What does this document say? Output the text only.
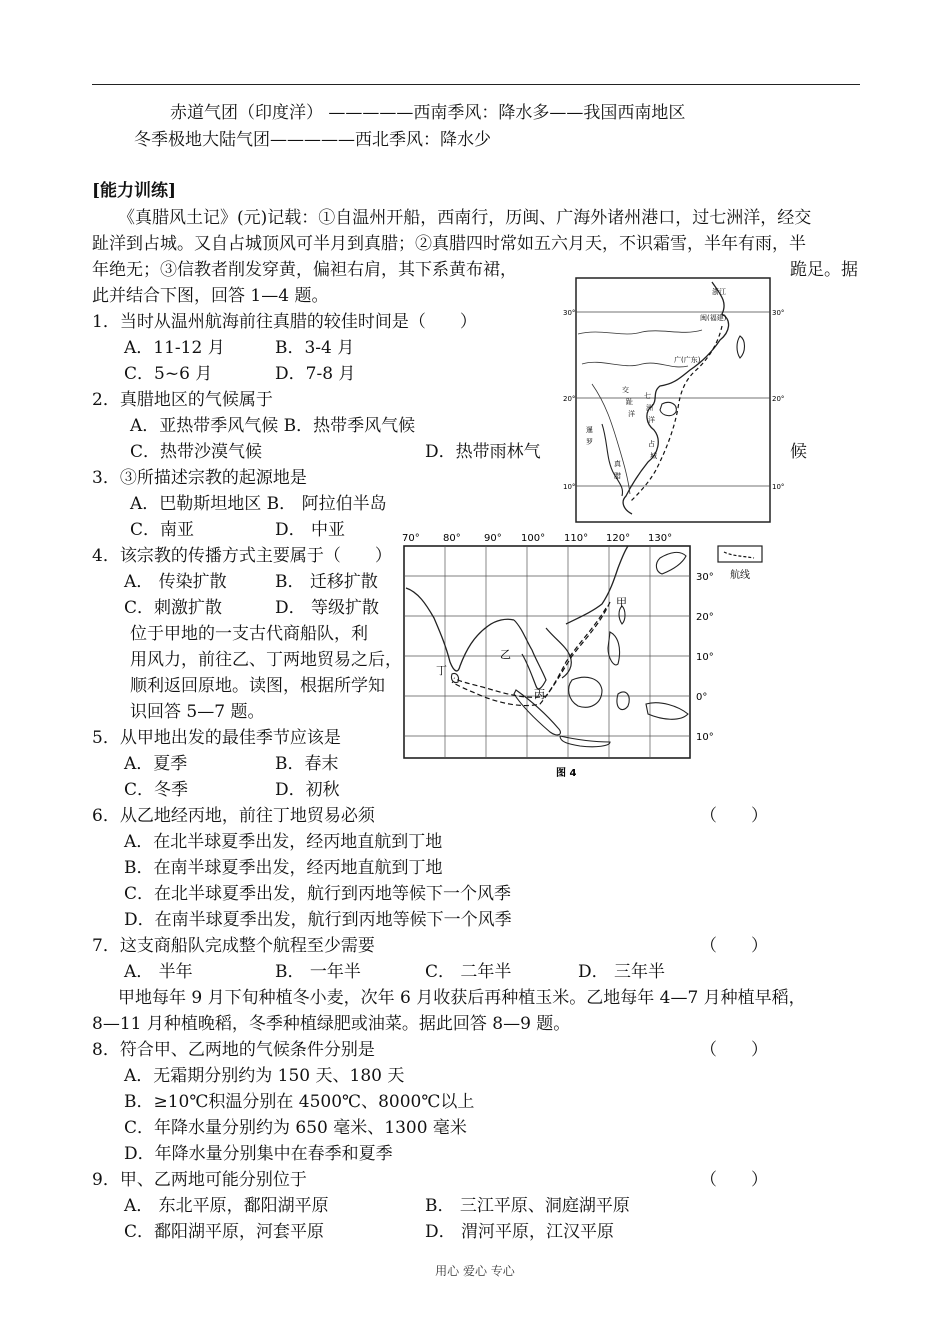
赤道气团（印度洋） —————西南季风：降水多——我国西南地区
冬季极地大陆气团—————西北季风：降水少
[能力训练]
《真腊风土记》(元)记载：①自温州开船，西南行，历闽、广海外诸州港口，过七洲洋，经交
趾洋到占城。又自占城顶风可半月到真腊；②真腊四时常如五六月天，不识霜雪，半年有雨，半
年绝无；③信教者削发穿黄，偏袒右肩，其下系黄布裙，	跪足。据
此并结合下图，回答 1—4 题。
1．当时从温州航海前往真腊的较佳时间是（　　）
A．11-12 月	B．3-4 月
C．5~6 月	D．7-8 月
2．真腊地区的气候属于
A．亚热带季风气候 B．热带季风气候
C．热带沙漠气候	D．热带雨林气	候
3．③所描述宗教的起源地是
A．巴勒斯坦地区 B． 阿拉伯半岛
C．南亚	D． 中亚
4．该宗教的传播方式主要属于（　　）
A． 传染扩散	B． 迁移扩散
C．刺激扩散	D． 等级扩散
位于甲地的一支古代商船队，利
用风力，前往乙、丁两地贸易之后，
顺利返回原地。读图，根据所学知
识回答 5—7 题。
5．从甲地出发的最佳季节应该是
A．夏季	B．春末
C．冬季	D．初秋
6．从乙地经丙地，前往丁地贸易必须	（　　）
A．在北半球夏季出发，经丙地直航到丁地
B．在南半球夏季出发，经丙地直航到丁地
C．在北半球夏季出发，航行到丙地等候下一个风季
D．在南半球夏季出发，航行到丙地等候下一个风季
7．这支商船队完成整个航程至少需要	（　　）
A． 半年	B． 一年半	C． 二年半	D． 三年半
甲地每年 9 月下旬种植冬小麦，次年 6 月收获后再种植玉米。乙地每年 4—7 月种植早稻，
8—11 月种植晚稻，冬季种植绿肥或油菜。据此回答 8—9 题。
8．符合甲、乙两地的气候条件分别是	（　　）
A．无霜期分别约为 150 天、180 天
B．≥10℃积温分别在 4500℃、8000℃以上
C．年降水量分别约为 650 毫米、1300 毫米
D．年降水量分别集中在春季和夏季
9．甲、乙两地可能分别位于	（　　）
A． 东北平原，鄱阳湖平原	B． 三江平原、洞庭湖平原
C．鄱阳湖平原，河套平原	D． 渭河平原，江汉平原
30°	30°
20°	20°
10°	10°
浙江
闽(福建)
广(广东)
交
趾
洋
七
洲
洋
占
城
暹
罗
真
腊
70° 80° 90° 100° 110° 120° 130°
30°
20°
10°
0°
10°
甲
乙
丙
丁
图 4
航线
用心 爱心 专心
